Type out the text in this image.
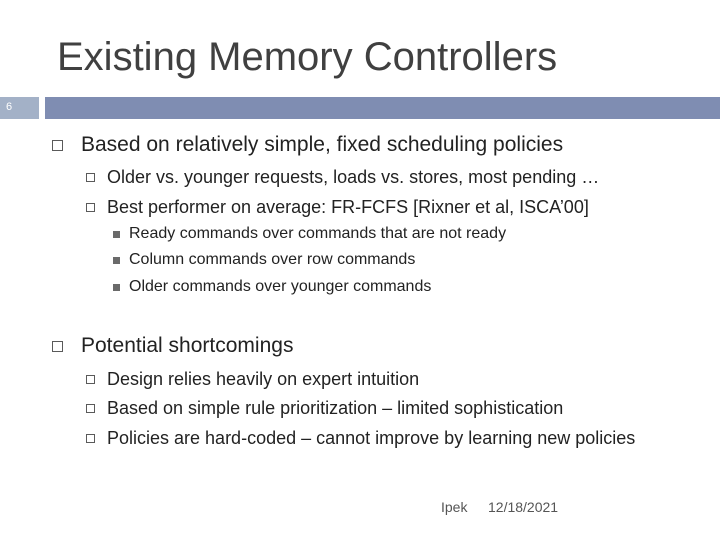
Existing Memory Controllers
6
Based on relatively simple, fixed scheduling policies
Older vs. younger requests, loads vs. stores, most pending …
Best performer on average: FR-FCFS [Rixner et al, ISCA’00]
Ready commands over commands that are not ready
Column commands over row commands
Older commands over younger commands
Potential shortcomings
Design relies heavily on expert intuition
Based on simple rule prioritization – limited sophistication
Policies are hard-coded – cannot improve by learning new policies
Ipek 12/18/2021
